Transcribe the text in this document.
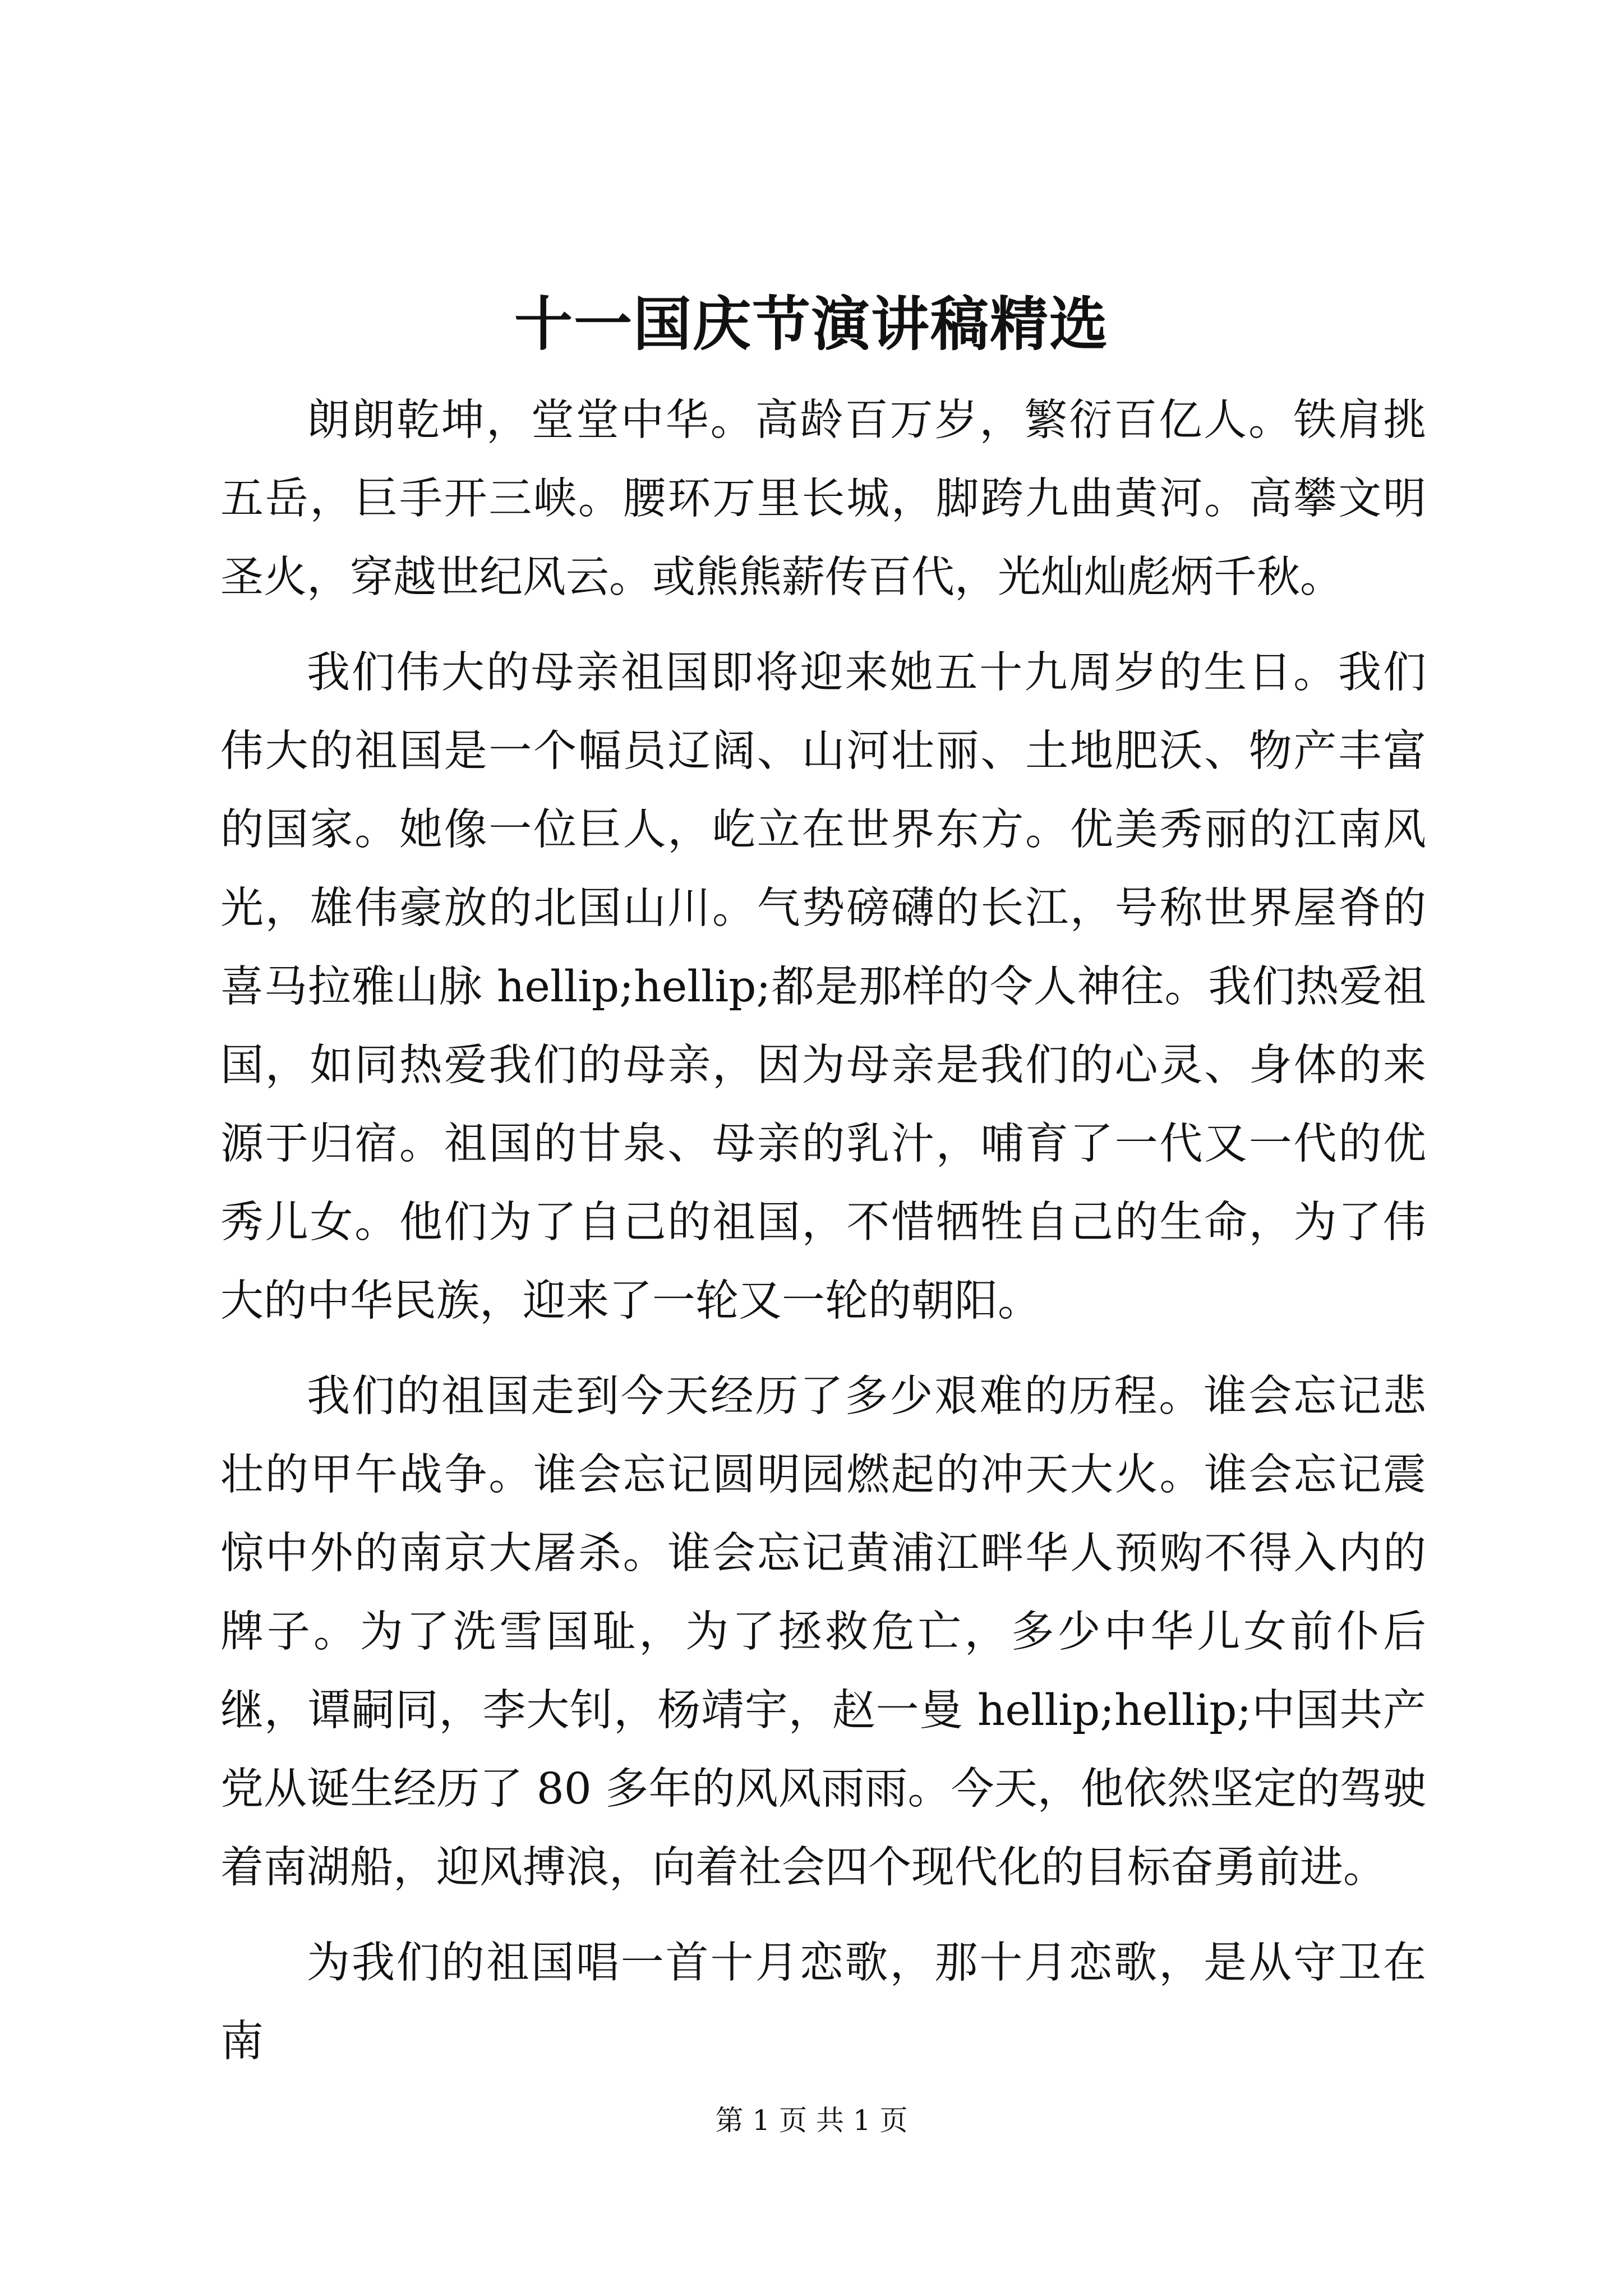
十一国庆节演讲稿精选

朗朗乾坤，堂堂中华。高龄百万岁，繁衍百亿人。铁肩挑五岳，巨手开三峡。腰环万里长城，脚跨九曲黄河。高攀文明圣火，穿越世纪风云。或熊熊薪传百代，光灿灿彪炳千秋。

我们伟大的母亲祖国即将迎来她五十九周岁的生日。我们伟大的祖国是一个幅员辽阔、山河壮丽、土地肥沃、物产丰富的国家。她像一位巨人，屹立在世界东方。优美秀丽的江南风光，雄伟豪放的北国山川。气势磅礴的长江，号称世界屋脊的喜马拉雅山脉 hellip;hellip;都是那样的令人神往。我们热爱祖国，如同热爱我们的母亲，因为母亲是我们的心灵、身体的来源于归宿。祖国的甘泉、母亲的乳汁，哺育了一代又一代的优秀儿女。他们为了自己的祖国，不惜牺牲自己的生命，为了伟大的中华民族，迎来了一轮又一轮的朝阳。

我们的祖国走到今天经历了多少艰难的历程。谁会忘记悲壮的甲午战争。谁会忘记圆明园燃起的冲天大火。谁会忘记震惊中外的南京大屠杀。谁会忘记黄浦江畔华人预购不得入内的牌子。为了洗雪国耻，为了拯救危亡，多少中华儿女前仆后继，谭嗣同，李大钊，杨靖宇，赵一曼 hellip;hellip;中国共产党从诞生经历了 80 多年的风风雨雨。今天，他依然坚定的驾驶着南湖船，迎风搏浪，向着社会四个现代化的目标奋勇前进。

为我们的祖国唱一首十月恋歌，那十月恋歌，是从守卫在南

第 1 页 共 1 页
